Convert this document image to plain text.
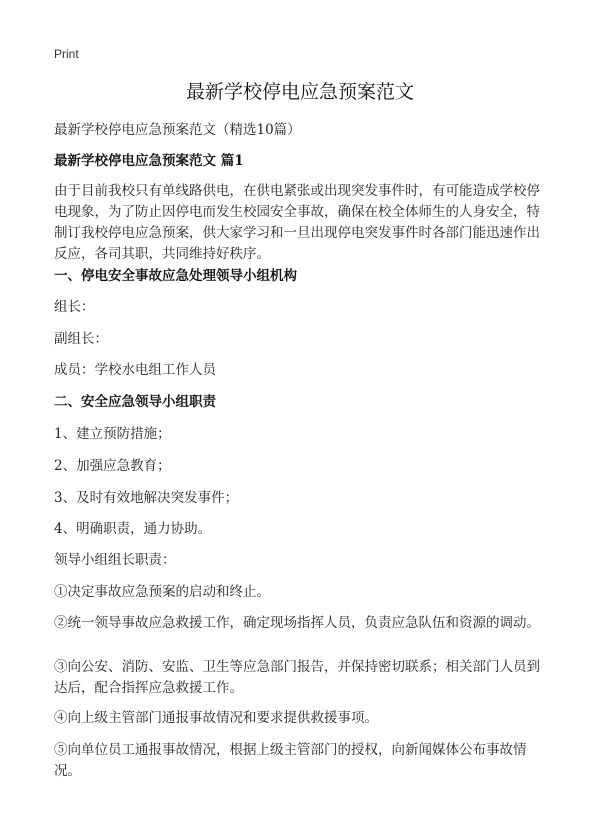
Print
最新学校停电应急预案范文

最新学校停电应急预案范文（精选10篇）

最新学校停电应急预案范文 篇1

由于目前我校只有单线路供电，在供电紧张或出现突发事件时，有可能造成学校停电现象，为了防止因停电而发生校园安全事故，确保在校全体师生的人身安全，特制订我校停电应急预案，供大家学习和一旦出现停电突发事件时各部门能迅速作出反应，各司其职，共同维持好秩序。

一、停电安全事故应急处理领导小组机构

组长：

副组长：

成员：学校水电组工作人员

二、安全应急领导小组职责

1、建立预防措施；

2、加强应急教育；

3、及时有效地解决突发事件；

4、明确职责，通力协助。

领导小组组长职责：

①决定事故应急预案的启动和终止。

②统一领导事故应急救援工作，确定现场指挥人员，负责应急队伍和资源的调动。

③向公安、消防、安监、卫生等应急部门报告，并保持密切联系；相关部门人员到达后，配合指挥应急救援工作。

④向上级主管部门通报事故情况和要求提供救援事项。

⑤向单位员工通报事故情况，根据上级主管部门的授权，向新闻媒体公布事故情况。
